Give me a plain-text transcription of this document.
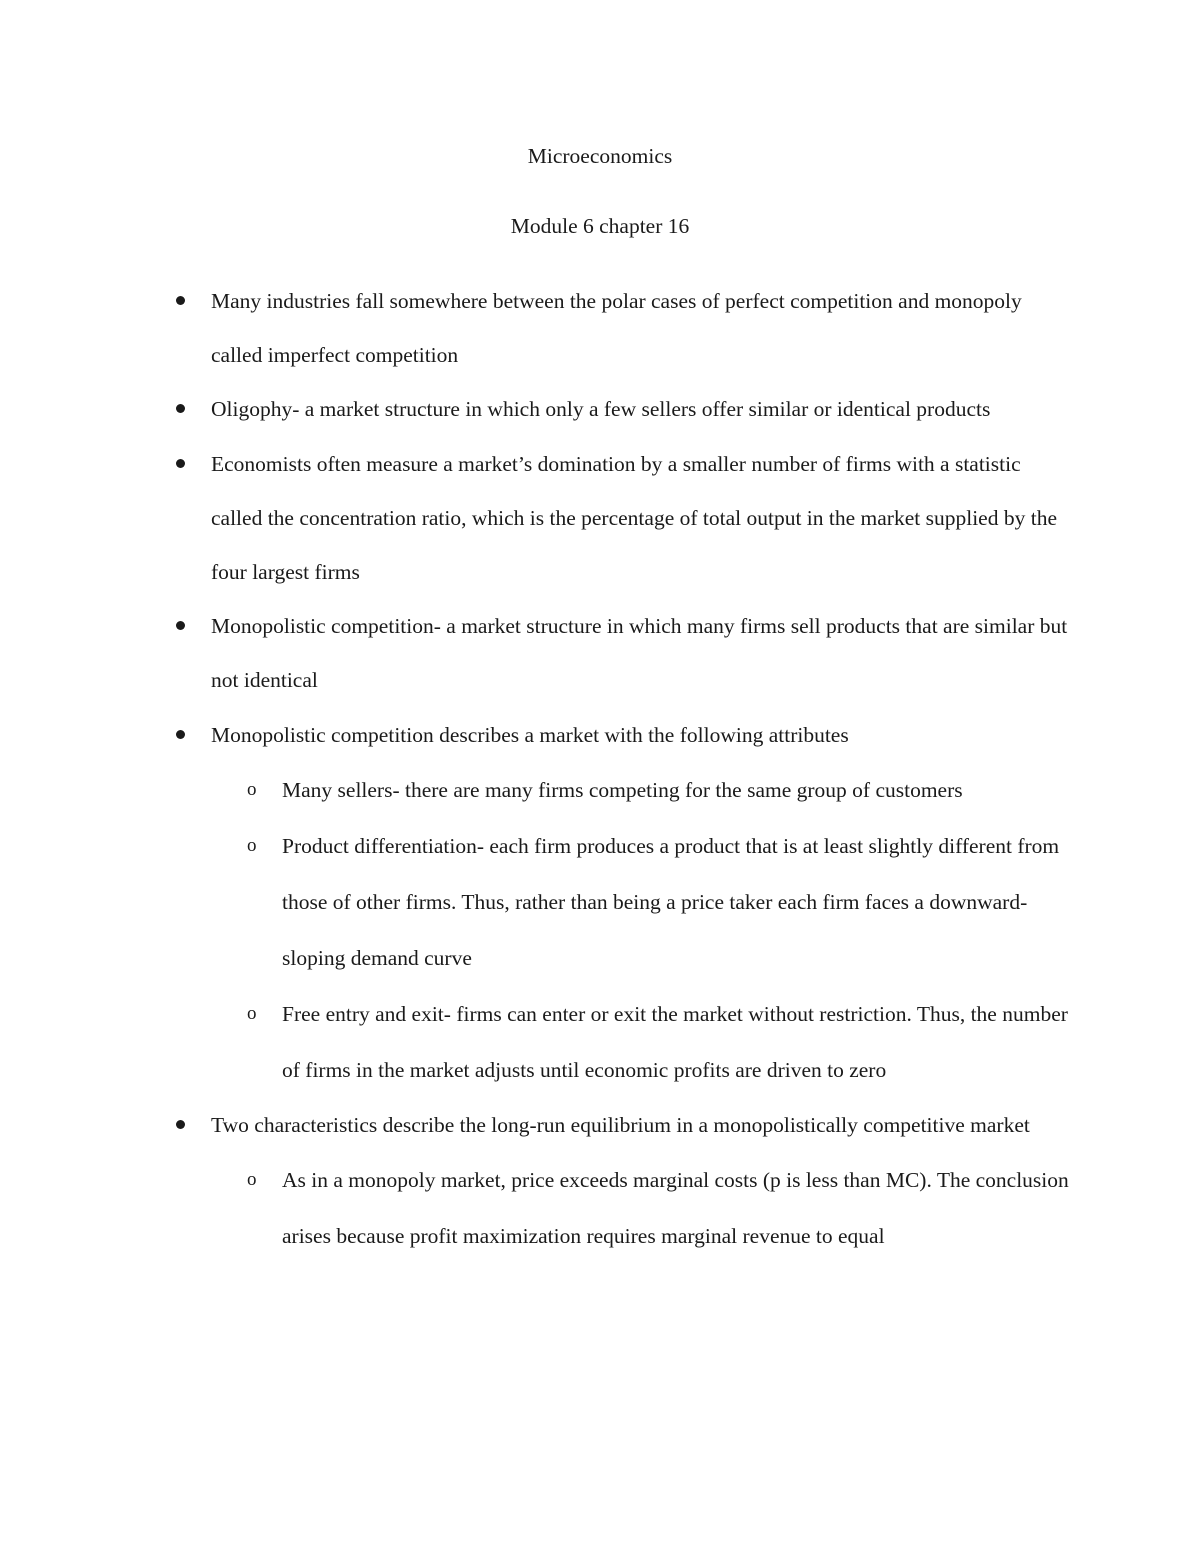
Microeconomics
Module 6 chapter 16
Many industries fall somewhere between the polar cases of perfect competition and monopoly called imperfect competition
Oligophy- a market structure in which only a few sellers offer similar or identical products
Economists often measure a market’s domination by a smaller number of firms with a statistic called the concentration ratio, which is the percentage of total output in the market supplied by the four largest firms
Monopolistic competition- a market structure in which many firms sell products that are similar but not identical
Monopolistic competition describes a market with the following attributes
o Many sellers- there are many firms competing for the same group of customers
o Product differentiation- each firm produces a product that is at least slightly different from those of other firms. Thus, rather than being a price taker each firm faces a downward-sloping demand curve
o Free entry and exit- firms can enter or exit the market without restriction. Thus, the number of firms in the market adjusts until economic profits are driven to zero
Two characteristics describe the long-run equilibrium in a monopolistically competitive market
o As in a monopoly market, price exceeds marginal costs (p is less than MC). The conclusion arises because profit maximization requires marginal revenue to equal
